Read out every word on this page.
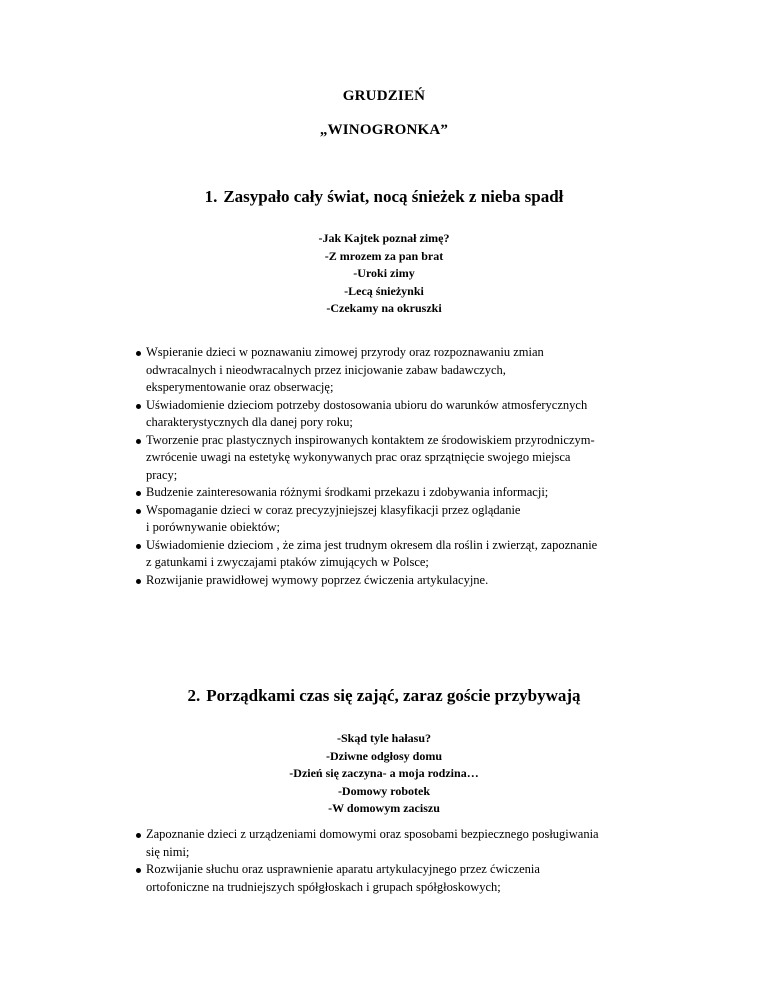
GRUDZIEŃ
„WINOGRONKA”
1. Zasypało cały świat, nocą śnieżek z nieba spadł
-Jak Kajtek poznał zimę?
-Z mrozem za pan brat
-Uroki zimy
-Lecą śnieżynki
-Czekamy na okruszki
Wspieranie dzieci w poznawaniu zimowej przyrody oraz rozpoznawaniu zmian
odwracalnych i nieodwracalnych przez inicjowanie zabaw badawczych,
eksperymentowanie oraz obserwację;
Uświadomienie dzieciom potrzeby dostosowania ubioru do warunków atmosferycznych
charakterystycznych dla danej pory roku;
Tworzenie prac plastycznych inspirowanych kontaktem ze środowiskiem przyrodniczym-
zwrócenie uwagi na estetykę wykonywanych prac oraz sprzątnięcie swojego miejsca
pracy;
Budzenie zainteresowania różnymi środkami przekazu i zdobywania informacji;
Wspomaganie dzieci w coraz precyzyjniejszej klasyfikacji przez oglądanie
i porównywanie obiektów;
Uświadomienie dzieciom , że zima jest trudnym okresem dla roślin i zwierząt, zapoznanie
z gatunkami i zwyczajami ptaków zimujących w Polsce;
Rozwijanie prawidłowej wymowy poprzez ćwiczenia artykulacyjne.
2. Porządkami czas się zająć, zaraz goście przybywają
-Skąd tyle hałasu?
-Dziwne odgłosy domu
-Dzień się zaczyna- a moja rodzina…
-Domowy robotek
-W domowym zaciszu
Zapoznanie dzieci z urządzeniami domowymi oraz sposobami bezpiecznego posługiwania
się nimi;
Rozwijanie słuchu oraz usprawnienie aparatu artykulacyjnego przez ćwiczenia
ortofoniczne na trudniejszych spółgłoskach i grupach spółgłoskowych;
